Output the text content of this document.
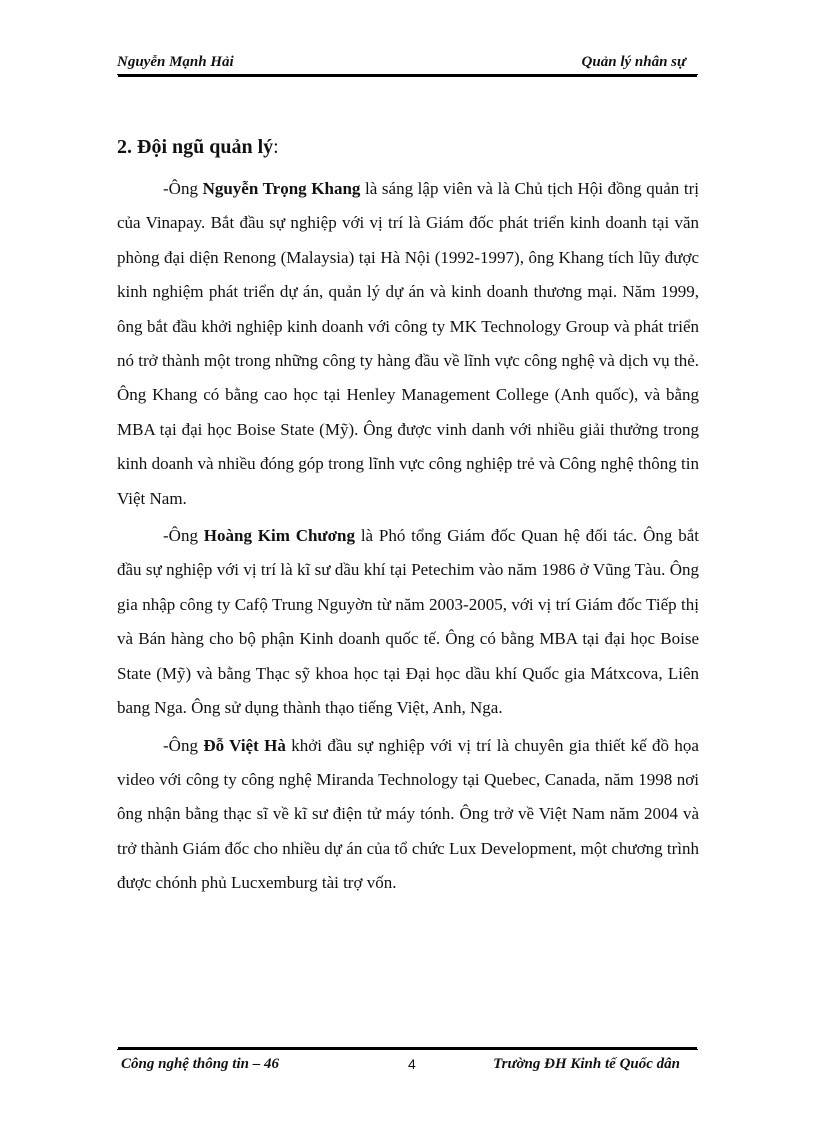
Nguyễn Mạnh Hải	Quản lý nhân sự
2. Đội ngũ quản lý:

-Ông Nguyễn Trọng Khang là sáng lập viên và là Chủ tịch Hội đồng quản trị của Vinapay. Bắt đầu sự nghiệp với vị trí là Giám đốc phát triển kinh doanh tại văn phòng đại diện Renong (Malaysia) tại Hà Nội (1992-1997), ông Khang tích lũy được kinh nghiệm phát triển dự án, quản lý dự án và kinh doanh thương mại. Năm 1999, ông bắt đầu khởi nghiệp kinh doanh với công ty MK Technology Group và phát triển nó trở thành một trong những công ty hàng đầu về lĩnh vực công nghệ và dịch vụ thẻ. Ông Khang có bằng cao học tại Henley Management College (Anh quốc), và bằng MBA tại đại học Boise State (Mỹ). Ông được vinh danh với nhiều giải thưởng trong kinh doanh và nhiều đóng góp trong lĩnh vực công nghiệp trẻ và Công nghệ thông tin Việt Nam.

-Ông Hoàng Kim Chương là Phó tổng Giám đốc Quan hệ đối tác. Ông bắt đầu sự nghiệp với vị trí là kĩ sư dầu khí tại Petechim vào năm 1986 ở Vũng Tàu. Ông gia nhập công ty Cafộ Trung Nguyờn từ năm 2003-2005, với vị trí Giám đốc Tiếp thị và Bán hàng cho bộ phận Kinh doanh quốc tế. Ông có bằng MBA tại đại học Boise State (Mỹ) và bằng Thạc sỹ khoa học tại Đại học dầu khí Quốc gia Mátxcova, Liên bang Nga. Ông sử dụng thành thạo tiếng Việt, Anh, Nga.

-Ông Đỗ Việt Hà khởi đầu sự nghiệp với vị trí là chuyên gia thiết kế đồ họa video với công ty công nghệ Miranda Technology tại Quebec, Canada, năm 1998 nơi ông nhận bằng thạc sĩ về kĩ sư điện tử máy tónh. Ông trở về Việt Nam năm 2004 và trở thành Giám đốc cho nhiều dự án của tổ chức Lux Development, một chương trình được chónh phủ Lucxemburg tài trợ vốn.

Công nghệ thông tin – 46	4	Trường ĐH Kinh tế Quốc dân
